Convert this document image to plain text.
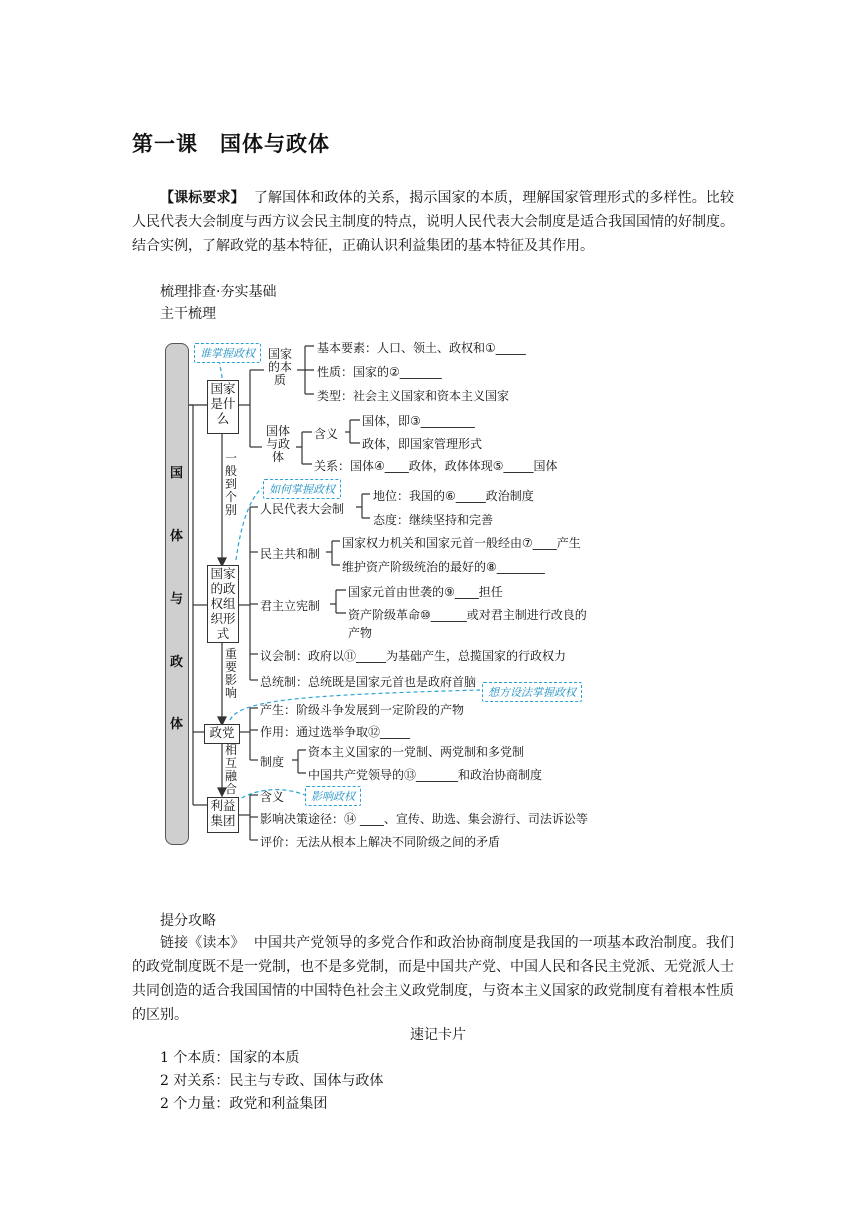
第一课　国体与政体
【课标要求】 了解国体和政体的关系，揭示国家的本质，理解国家管理形式的多样性。比较人民代表大会制度与西方议会民主制度的特点，说明人民代表大会制度是适合我国国情的好制度。结合实例，了解政党的基本特征，正确认识利益集团的基本特征及其作用。
梳理排查·夯实基础
主干梳理
国
体
与
政
体
国家是什么
国家的政权组织形式
政党
利益集团
一般到个别
重要影响
相互融合
谁掌握政权
如何掌握政权
想方设法掌握政权
影响政权
国家的本质
基本要素：人口、领土、政权和①_____
性质：国家的②_______
类型：社会主义国家和资本主义国家
国体与政体
含义
国体，即③_________
政体，即国家管理形式
关系：国体④____政体，政体体现⑤_____国体
人民代表大会制
地位：我国的⑥_____政治制度
态度：继续坚持和完善
民主共和制
国家权力机关和国家元首一般经由⑦____产生
维护资产阶级统治的最好的⑧________
君主立宪制
国家元首由世袭的⑨____担任
资产阶级革命⑩______或对君主制进行改良的
产物
议会制：政府以⑪_____为基础产生，总揽国家的行政权力
总统制：总统既是国家元首也是政府首脑
产生：阶级斗争发展到一定阶段的产物
作用：通过选举争取⑫_____
制度
资本主义国家的一党制、两党制和多党制
中国共产党领导的⑬_______和政治协商制度
含义
影响决策途径：⑭ ____、宣传、助选、集会游行、司法诉讼等
评价：无法从根本上解决不同阶级之间的矛盾
提分攻略
链接《读本》 中国共产党领导的多党合作和政治协商制度是我国的一项基本政治制度。我们的政党制度既不是一党制，也不是多党制，而是中国共产党、中国人民和各民主党派、无党派人士共同创造的适合我国国情的中国特色社会主义政党制度，与资本主义国家的政党制度有着根本性质的区别。
速记卡片
1 个本质：国家的本质
2 对关系：民主与专政、国体与政体
2 个力量：政党和利益集团
